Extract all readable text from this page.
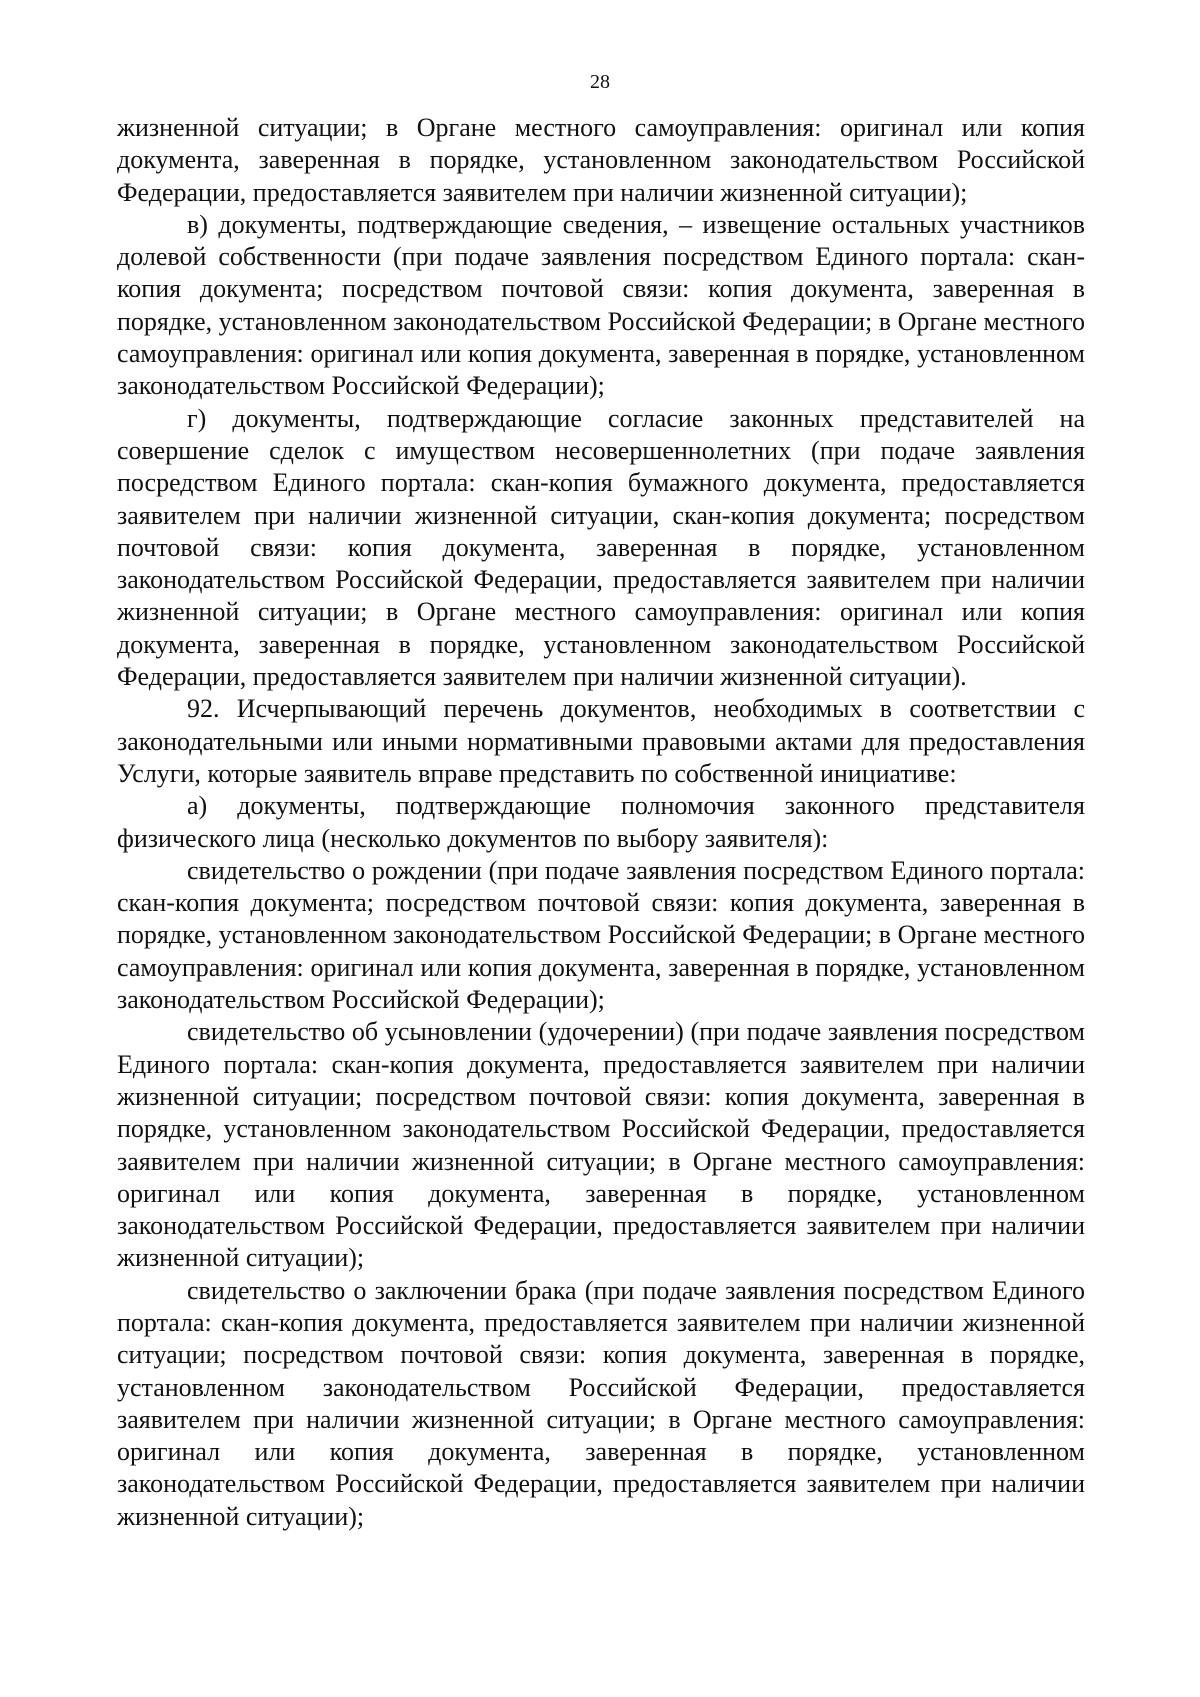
28

жизненной ситуации; в Органе местного самоуправления: оригинал или копия документа, заверенная в порядке, установленном законодательством Российской Федерации, предоставляется заявителем при наличии жизненной ситуации);

в) документы, подтверждающие сведения, – извещение остальных участников долевой собственности (при подаче заявления посредством Единого портала: скан-копия документа; посредством почтовой связи: копия документа, заверенная в порядке, установленном законодательством Российской Федерации; в Органе местного самоуправления: оригинал или копия документа, заверенная в порядке, установленном законодательством Российской Федерации);

г) документы, подтверждающие согласие законных представителей на совершение сделок с имуществом несовершеннолетних (при подаче заявления посредством Единого портала: скан-копия бумажного документа, предоставляется заявителем при наличии жизненной ситуации, скан-копия документа; посредством почтовой связи: копия документа, заверенная в порядке, установленном законодательством Российской Федерации, предоставляется заявителем при наличии жизненной ситуации; в Органе местного самоуправления: оригинал или копия документа, заверенная в порядке, установленном законодательством Российской Федерации, предоставляется заявителем при наличии жизненной ситуации).

92. Исчерпывающий перечень документов, необходимых в соответствии с законодательными или иными нормативными правовыми актами для предоставления Услуги, которые заявитель вправе представить по собственной инициативе:

а) документы, подтверждающие полномочия законного представителя физического лица (несколько документов по выбору заявителя):

свидетельство о рождении (при подаче заявления посредством Единого портала: скан-копия документа; посредством почтовой связи: копия документа, заверенная в порядке, установленном законодательством Российской Федерации; в Органе местного самоуправления: оригинал или копия документа, заверенная в порядке, установленном законодательством Российской Федерации);

свидетельство об усыновлении (удочерении) (при подаче заявления посредством Единого портала: скан-копия документа, предоставляется заявителем при наличии жизненной ситуации; посредством почтовой связи: копия документа, заверенная в порядке, установленном законодательством Российской Федерации, предоставляется заявителем при наличии жизненной ситуации; в Органе местного самоуправления: оригинал или копия документа, заверенная в порядке, установленном законодательством Российской Федерации, предоставляется заявителем при наличии жизненной ситуации);

свидетельство о заключении брака (при подаче заявления посредством Единого портала: скан-копия документа, предоставляется заявителем при наличии жизненной ситуации; посредством почтовой связи: копия документа, заверенная в порядке, установленном законодательством Российской Федерации, предоставляется заявителем при наличии жизненной ситуации; в Органе местного самоуправления: оригинал или копия документа, заверенная в порядке, установленном законодательством Российской Федерации, предоставляется заявителем при наличии жизненной ситуации);
